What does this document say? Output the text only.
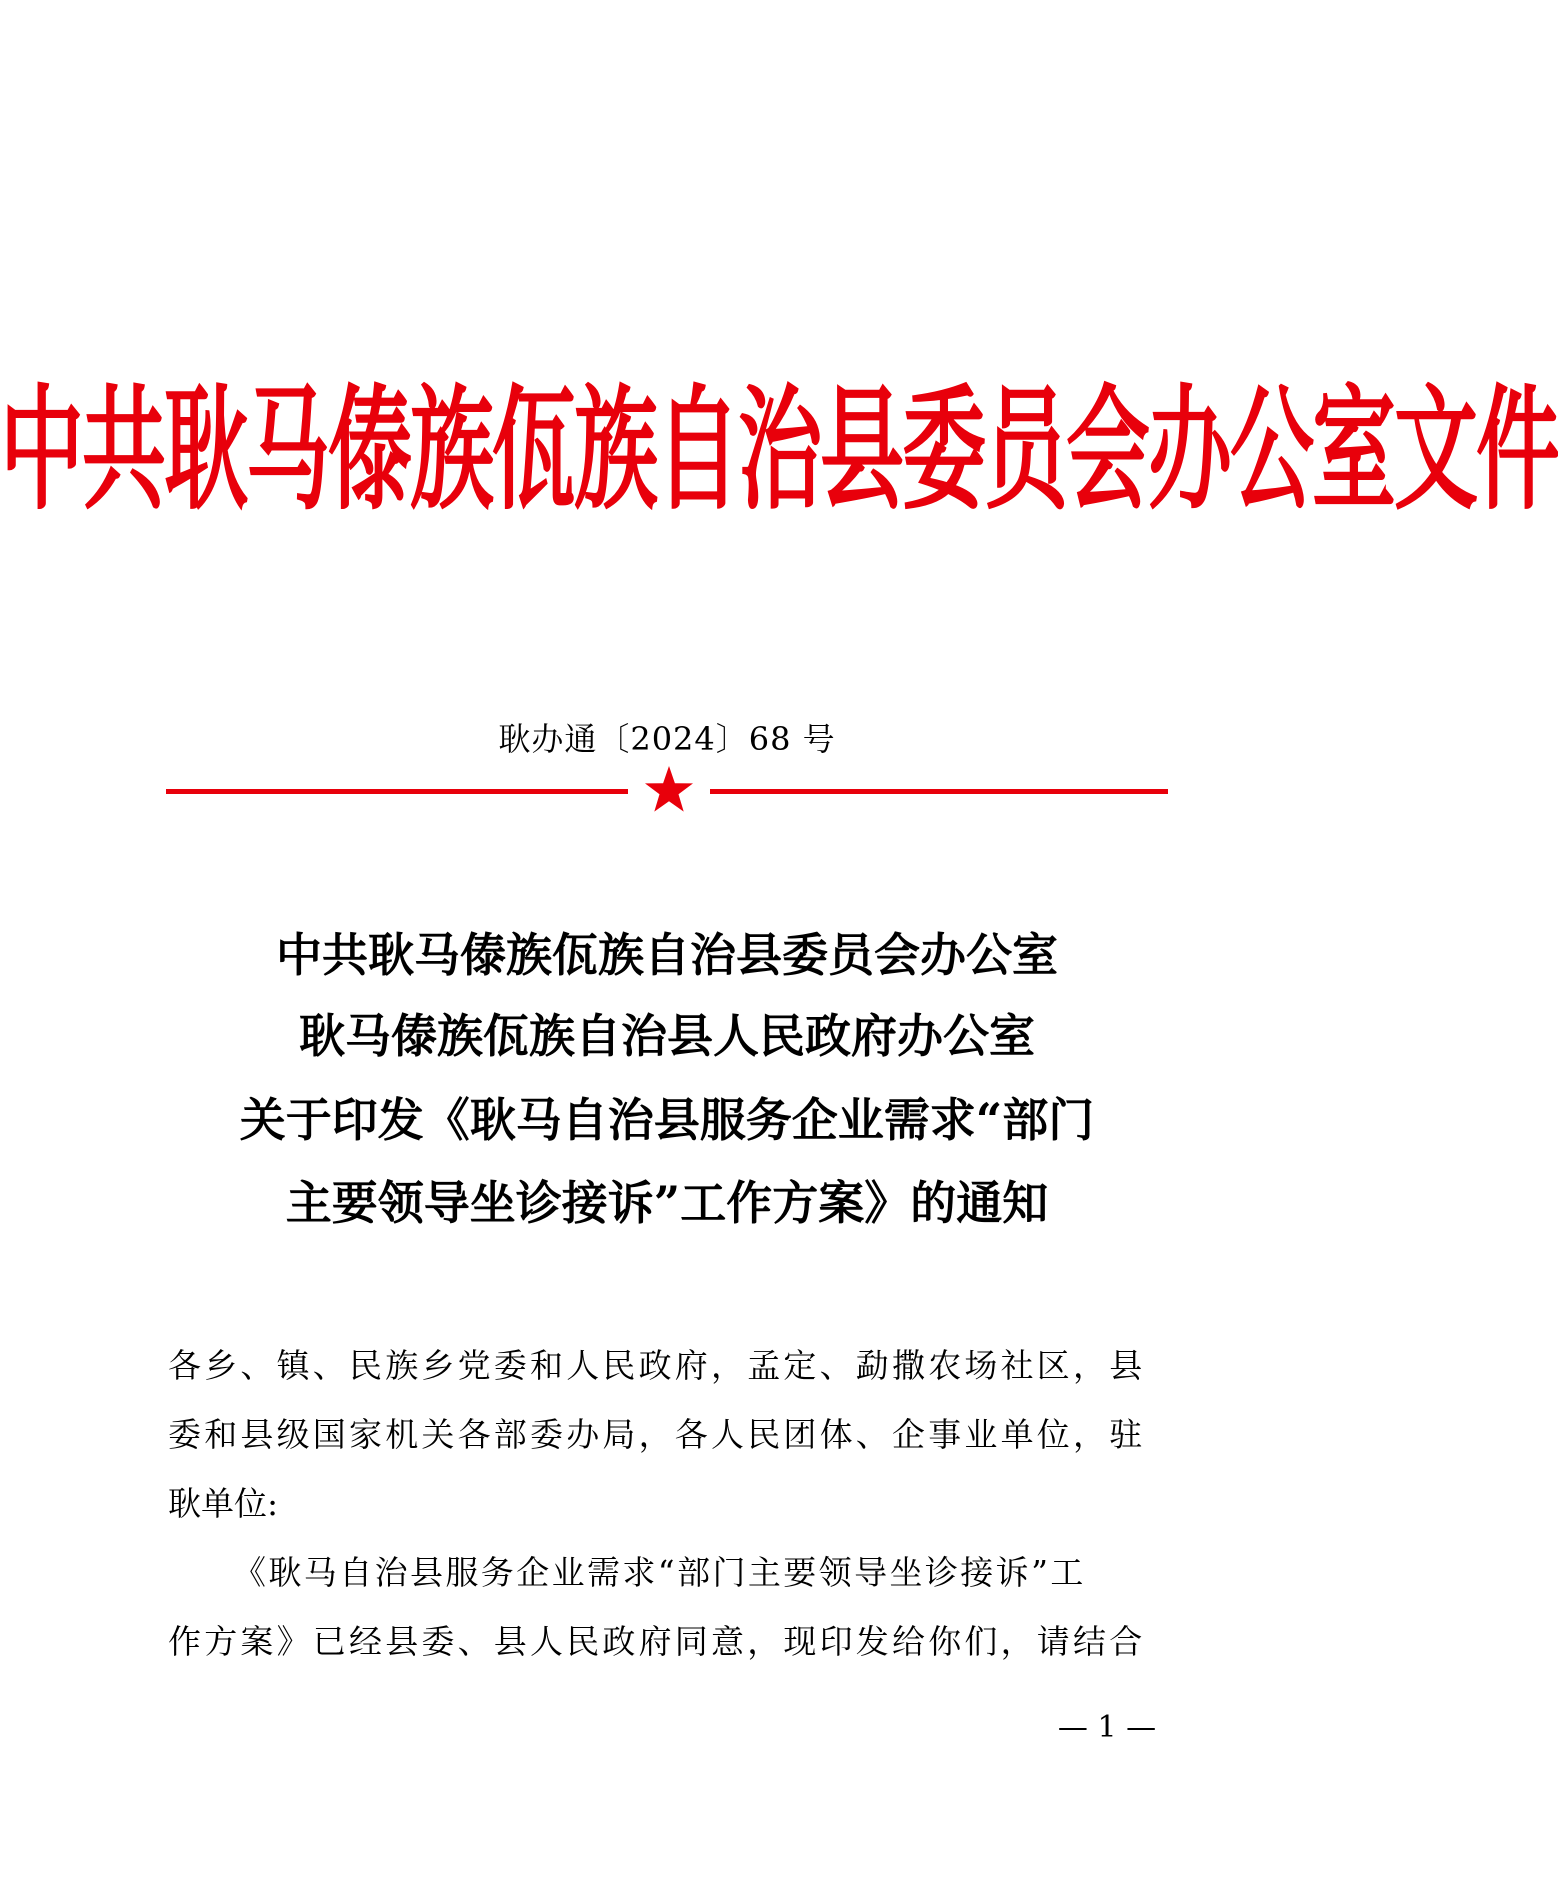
中共耿马傣族佤族自治县委员会办公室文件
耿办通〔2024〕68 号
中共耿马傣族佤族自治县委员会办公室
耿马傣族佤族自治县人民政府办公室
关于印发《耿马自治县服务企业需求“部门
主要领导坐诊接诉”工作方案》的通知
各乡、镇、民族乡党委和人民政府，孟定、勐撒农场社区，县
委和县级国家机关各部委办局，各人民团体、企事业单位，驻
耿单位:
《耿马自治县服务企业需求“部门主要领导坐诊接诉”工
作方案》已经县委、县人民政府同意，现印发给你们，请结合
— 1 —
